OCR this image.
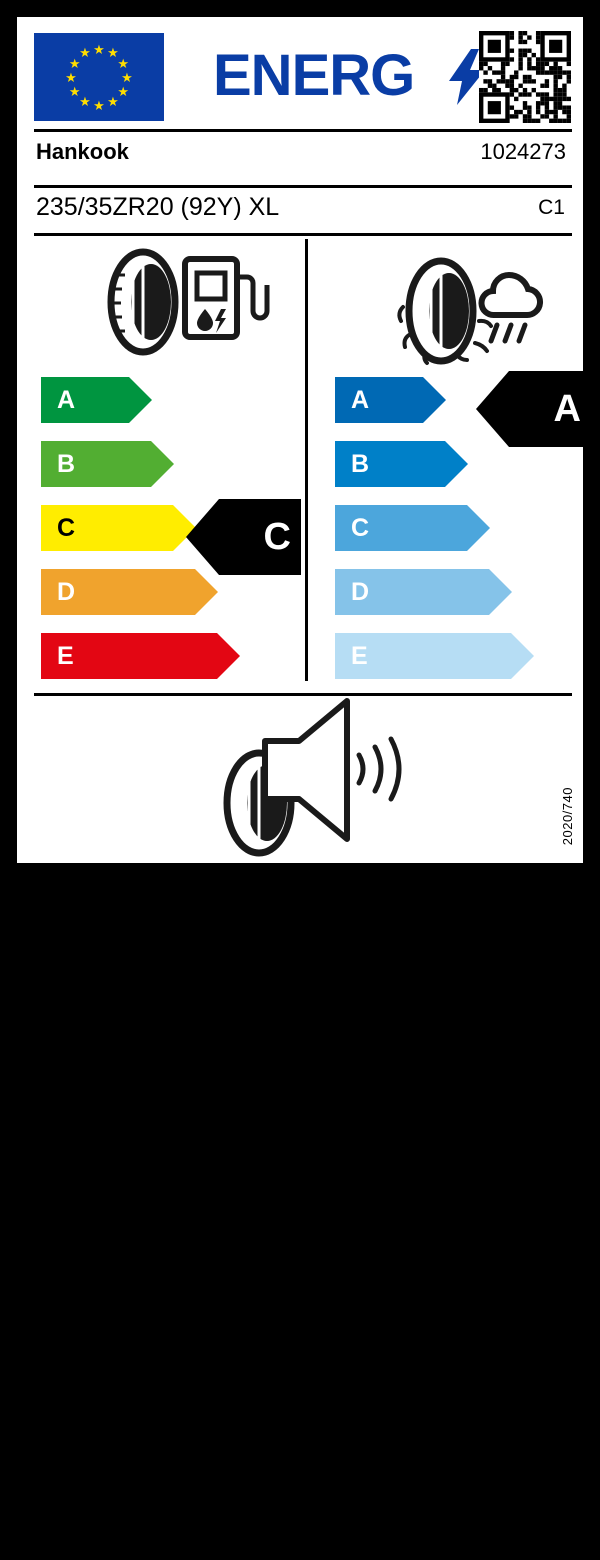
★ ★
★
★
★
★
★
★
★
★
★
★ ENERG
Hankook	1024273
235/35ZR20 (92Y) XL	C1
A
B
C
D
E
A
B
C
D
E
C
A
72dB
ABC
2020/740
